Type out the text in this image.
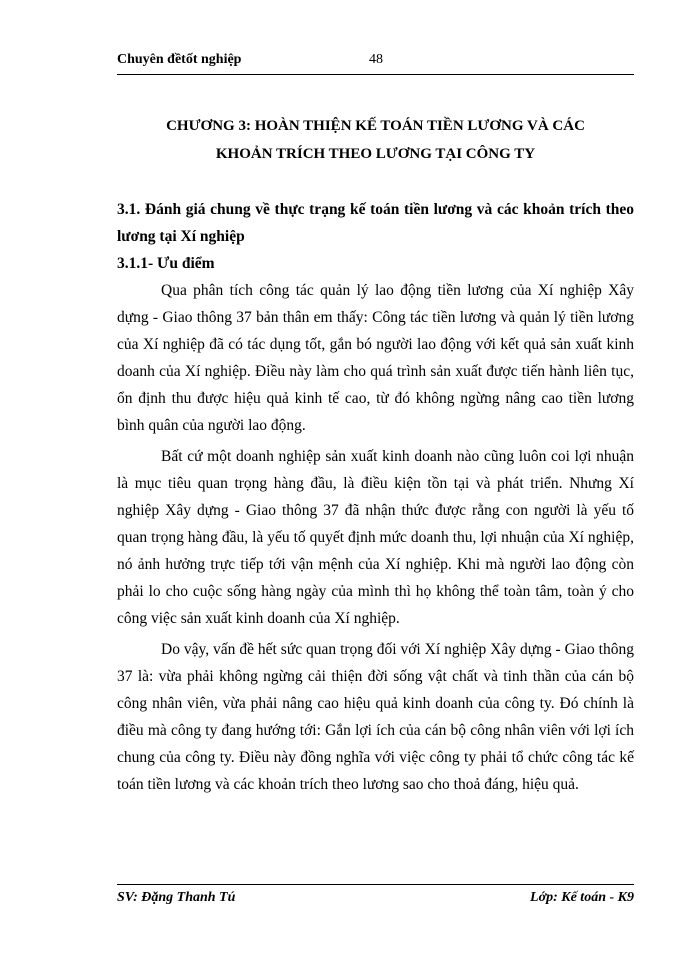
Chuyên đềtốt nghiệp	48
CHƯƠNG 3: HOÀN THIỆN KẾ TOÁN TIỀN LƯƠNG VÀ CÁC
KHOẢN TRÍCH THEO LƯƠNG TẠI CÔNG TY
3.1. Đánh giá chung về thực trạng kế toán tiền lương và các khoản trích theo lương tại Xí nghiệp
3.1.1- Ưu điểm

Qua phân tích công tác quản lý lao động tiền lương của Xí nghiệp Xây dựng - Giao thông 37 bản thân em thấy: Công tác tiền lương và quản lý tiền lương của Xí nghiệp đã có tác dụng tốt, gắn bó người lao động với kết quả sản xuất kinh doanh của Xí nghiệp. Điều này làm cho quá trình sản xuất được tiến hành liên tục, ổn định thu được hiệu quả kinh tế cao, từ đó không ngừng nâng cao tiền lương bình quân của người lao động.

Bất cứ một doanh nghiệp sản xuất kinh doanh nào cũng luôn coi lợi nhuận là mục tiêu quan trọng hàng đầu, là điều kiện tồn tại và phát triển. Nhưng Xí nghiệp Xây dựng - Giao thông 37 đã nhận thức được rằng con người là yếu tố quan trọng hàng đầu, là yếu tố quyết định mức doanh thu, lợi nhuận của Xí nghiệp, nó ảnh hưởng trực tiếp tới vận mệnh của Xí nghiệp. Khi mà người lao động còn phải lo cho cuộc sống hàng ngày của mình thì họ không thể toàn tâm, toàn ý cho công việc sản xuất kinh doanh của Xí nghiệp.

Do vậy, vấn đề hết sức quan trọng đối với Xí nghiệp Xây dựng - Giao thông 37 là: vừa phải không ngừng cải thiện đời sống vật chất và tinh thần của cán bộ công nhân viên, vừa phải nâng cao hiệu quả kinh doanh của công ty. Đó chính là điều mà công ty đang hướng tới: Gắn lợi ích của cán bộ công nhân viên với lợi ích chung của công ty. Điều này đồng nghĩa với việc công ty phải tổ chức công tác kế toán tiền lương và các khoản trích theo lương sao cho thoả đáng, hiệu quả.

SV: Đặng Thanh Tú	Lớp: Kế toán - K9
